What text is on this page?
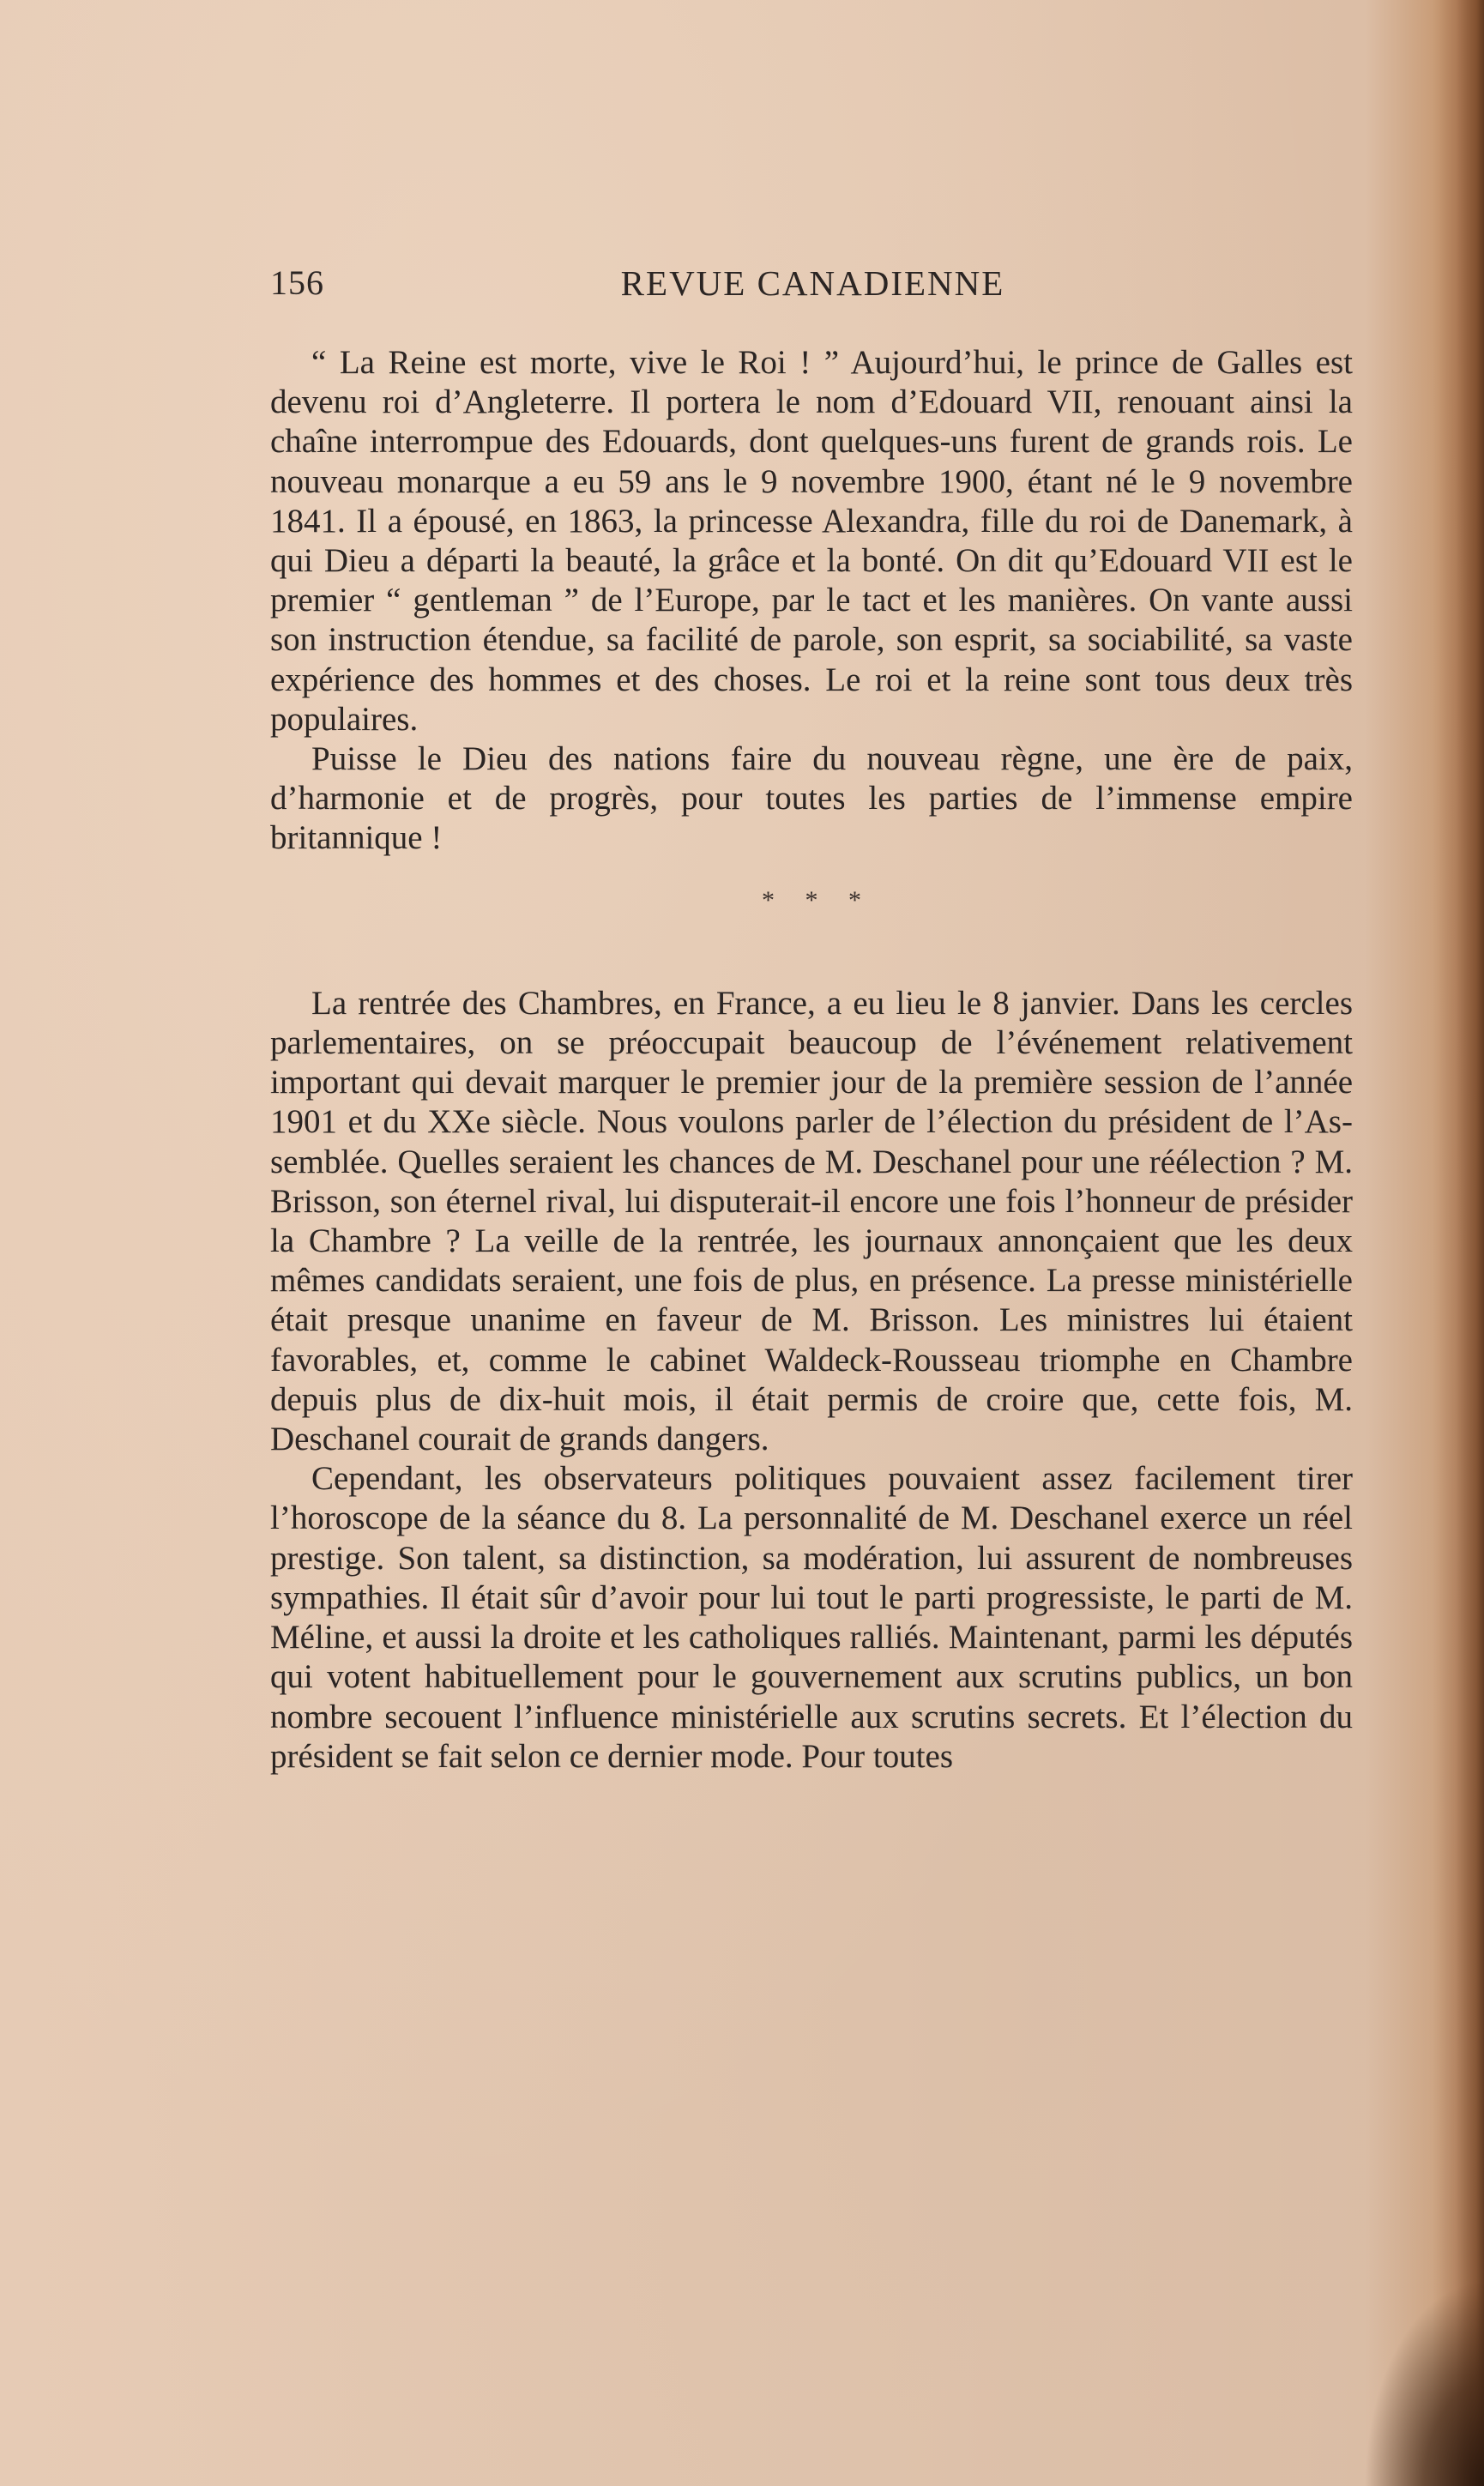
156	REVUE CANADIENNE

“ La Reine est morte, vive le Roi ! ” Aujourd’hui, le prince de Galles est devenu roi d’Angleterre. Il portera le nom d’Edouard VII, renouant ainsi la chaîne interrompue des Edouards, dont quelques-uns furent de grands rois. Le nouveau monarque a eu 59 ans le 9 novembre 1900, étant né le 9 novembre 1841. Il a épousé, en 1863, la princesse Alexandra, fille du roi de Danemark, à qui Dieu a départi la beauté, la grâce et la bonté. On dit qu’Edouard VII est le premier “ gentleman ” de l’Europe, par le tact et les manières. On vante aussi son instruction étendue, sa facilité de parole, son esprit, sa sociabilité, sa vaste expérience des hommes et des choses. Le roi et la reine sont tous deux très populaires.

Puisse le Dieu des nations faire du nouveau règne, une ère de paix, d’harmonie et de progrès, pour toutes les parties de l’immense empire britannique !

* * *

La rentrée des Chambres, en France, a eu lieu le 8 janvier. Dans les cercles parlementaires, on se préoccupait beaucoup de l’événement relativement important qui devait marquer le premier jour de la première session de l’année 1901 et du XXe siècle. Nous voulons parler de l’élection du président de l’Assemblée. Quelles seraient les chances de M. Deschanel pour une réélection ? M. Brisson, son éternel rival, lui disputerait-il encore une fois l’honneur de présider la Chambre ? La veille de la rentrée, les journaux annonçaient que les deux mêmes candidats seraient, une fois de plus, en présence. La presse ministérielle était presque unanime en faveur de M. Brisson. Les ministres lui étaient favorables, et, comme le cabinet Waldeck-Rousseau triomphe en Chambre depuis plus de dix-huit mois, il était permis de croire que, cette fois, M. Deschanel courait de grands dangers.

Cependant, les observateurs politiques pouvaient assez facilement tirer l’horoscope de la séance du 8. La personnalité de M. Deschanel exerce un réel prestige. Son talent, sa distinction, sa modération, lui assurent de nombreuses sympathies. Il était sûr d’avoir pour lui tout le parti progressiste, le parti de M. Méline, et aussi la droite et les catholiques ralliés. Maintenant, parmi les députés qui votent habituellement pour le gouvernement aux scrutins publics, un bon nombre secouent l’influence ministérielle aux scrutins secrets. Et l’élection du président se fait selon ce dernier mode. Pour toutes
